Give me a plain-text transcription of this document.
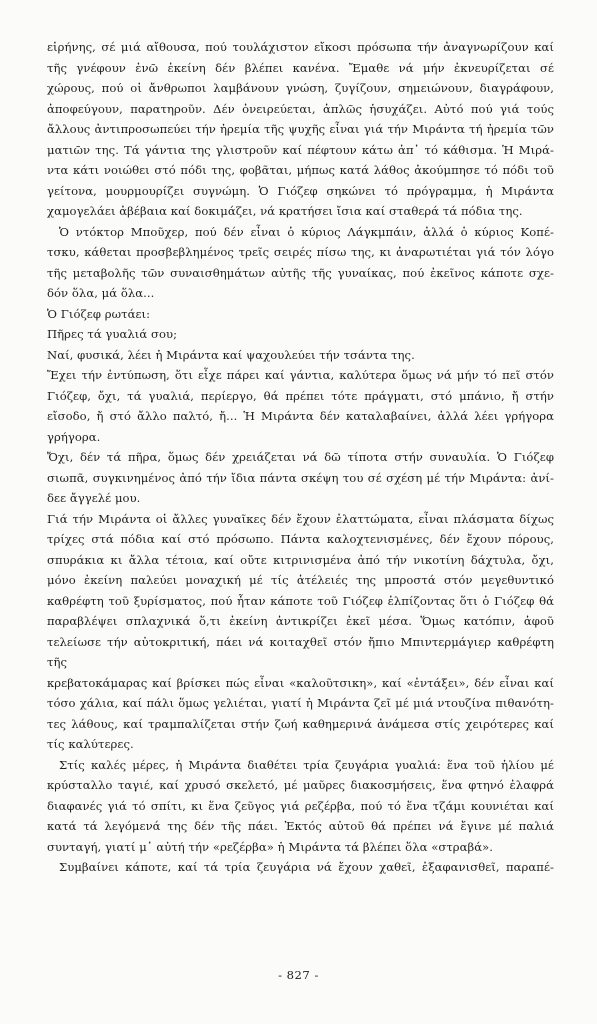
εἰρήνης, σέ μιά αἴθουσα, πού τουλάχιστον εἴκοσι πρόσωπα τήν ἀναγνωρίζουν καί

τῆς γνέφουν ἐνῶ ἐκείνη δέν βλέπει κανένα. Ἔμαθε νά μήν ἐκνευρίζεται σέ

χώρους, πού οἱ ἄνθρωποι λαμβάνουν γνώση, ζυγίζουν, σημειώνουν, διαγράφουν,

ἀποφεύγουν, παρατηροῦν. Δέν ὀνειρεύεται, ἁπλῶς ἡσυχάζει. Αὐτό πού γιά τούς

ἄλλους ἀντιπροσωπεύει τήν ἠρεμία τῆς ψυχῆς εἶναι γιά τήν Μιράντα τή ἠρεμία τῶν

ματιῶν της. Τά γάντια της γλιστροῦν καί πέφτουν κάτω ἀπ᾽ τό κάθισμα. Ἡ Μιρά-

ντα κάτι νοιώθει στό πόδι της, φοβᾶται, μήπως κατά λάθος ἀκούμπησε τό πόδι τοῦ

γείτονα, μουρμουρίζει συγνώμη. Ὁ Γιόζεφ σηκώνει τό πρόγραμμα, ἡ Μιράντα

χαμογελάει ἀβέβαια καί δοκιμάζει, νά κρατήσει ἴσια καί σταθερά τά πόδια της.

Ὁ ντόκτορ Μποῦχερ, πού δέν εἶναι ὁ κύριος Λάγκμπάιν, ἀλλά ὁ κύριος Κοπέ-

τσκυ, κάθεται προσβεβλημένος τρεῖς σειρές πίσω της, κι ἀναρωτιέται γιά τόν λόγο

τῆς μεταβολῆς τῶν συναισθημάτων αὐτῆς τῆς γυναίκας, πού ἐκεῖνος κάποτε σχε-

δόν ὅλα, μά ὅλα...

Ὁ Γιόζεφ ρωτάει:

Πῆρες τά γυαλιά σου;

Ναί, φυσικά, λέει ἡ Μιράντα καί ψαχουλεύει τήν τσάντα της.

Ἔχει τήν ἐντύπωση, ὅτι εἶχε πάρει καί γάντια, καλύτερα ὅμως νά μήν τό πεῖ στόν

Γιόζεφ, ὄχι, τά γυαλιά, περίεργο, θά πρέπει τότε πράγματι, στό μπάνιο, ἤ στήν

εἴσοδο, ἤ στό ἄλλο παλτό, ἤ... Ἡ Μιράντα δέν καταλαβαίνει, ἀλλά λέει γρήγορα

γρήγορα.

Ὄχι, δέν τά πῆρα, ὅμως δέν χρειάζεται νά δῶ τίποτα στήν συναυλία. Ὁ Γιόζεφ

σιωπᾶ, συγκινημένος ἀπό τήν ἴδια πάντα σκέψη του σέ σχέση μέ τήν Μιράντα: ἀνί-

δεε ἄγγελέ μου.

Γιά τήν Μιράντα οἱ ἄλλες γυναῖκες δέν ἔχουν ἐλαττώματα, εἶναι πλάσματα δίχως

τρίχες στά πόδια καί στό πρόσωπο. Πάντα καλοχτενισμένες, δέν ἔχουν πόρους,

σπυράκια κι ἄλλα τέτοια, καί οὔτε κιτρινισμένα ἀπό τήν νικοτίνη δάχτυλα, ὄχι,

μόνο ἐκείνη παλεύει μοναχική μέ τίς ἀτέλειές της μπροστά στόν μεγεθυντικό

καθρέφτη τοῦ ξυρίσματος, πού ἦταν κάποτε τοῦ Γιόζεφ ἐλπίζοντας ὅτι ὁ Γιόζεφ θά

παραβλέψει σπλαχνικά ὅ,τι ἐκείνη ἀντικρίζει ἐκεῖ μέσα. Ὅμως κατόπιν, ἀφοῦ

τελείωσε τήν αὐτοκριτική, πάει νά κοιταχθεῖ στόν ἤπιο Μπιντερμάγιερ καθρέφτη τῆς

κρεβατοκάμαρας καί βρίσκει πώς εἶναι «καλοῦτσικη», καί «ἐντάξει», δέν εἶναι καί

τόσο χάλια, καί πάλι ὅμως γελιέται, γιατί ἡ Μιράντα ζεῖ μέ μιά ντουζίνα πιθανότη-

τες λάθους, καί τραμπαλίζεται στήν ζωή καθημερινά ἀνάμεσα στίς χειρότερες καί

τίς καλύτερες.

Στίς καλές μέρες, ἡ Μιράντα διαθέτει τρία ζευγάρια γυαλιά: ἕνα τοῦ ἡλίου μέ

κρύσταλλο ταγιέ, καί χρυσό σκελετό, μέ μαῦρες διακοσμήσεις, ἕνα φτηνό ἐλαφρά

διαφανές γιά τό σπίτι, κι ἕνα ζεῦγος γιά ρεζέρβα, πού τό ἕνα τζάμι κουνιέται καί

κατά τά λεγόμενά της δέν τῆς πάει. Ἐκτός αὐτοῦ θά πρέπει νά ἔγινε μέ παλιά

συνταγή, γιατί μ᾽ αὐτή τήν «ρεζέρβα» ἡ Μιράντα τά βλέπει ὅλα «στραβά».

Συμβαίνει κάποτε, καί τά τρία ζευγάρια νά ἔχουν χαθεῖ, ἐξαφανισθεῖ, παραπέ-

- 827 -
